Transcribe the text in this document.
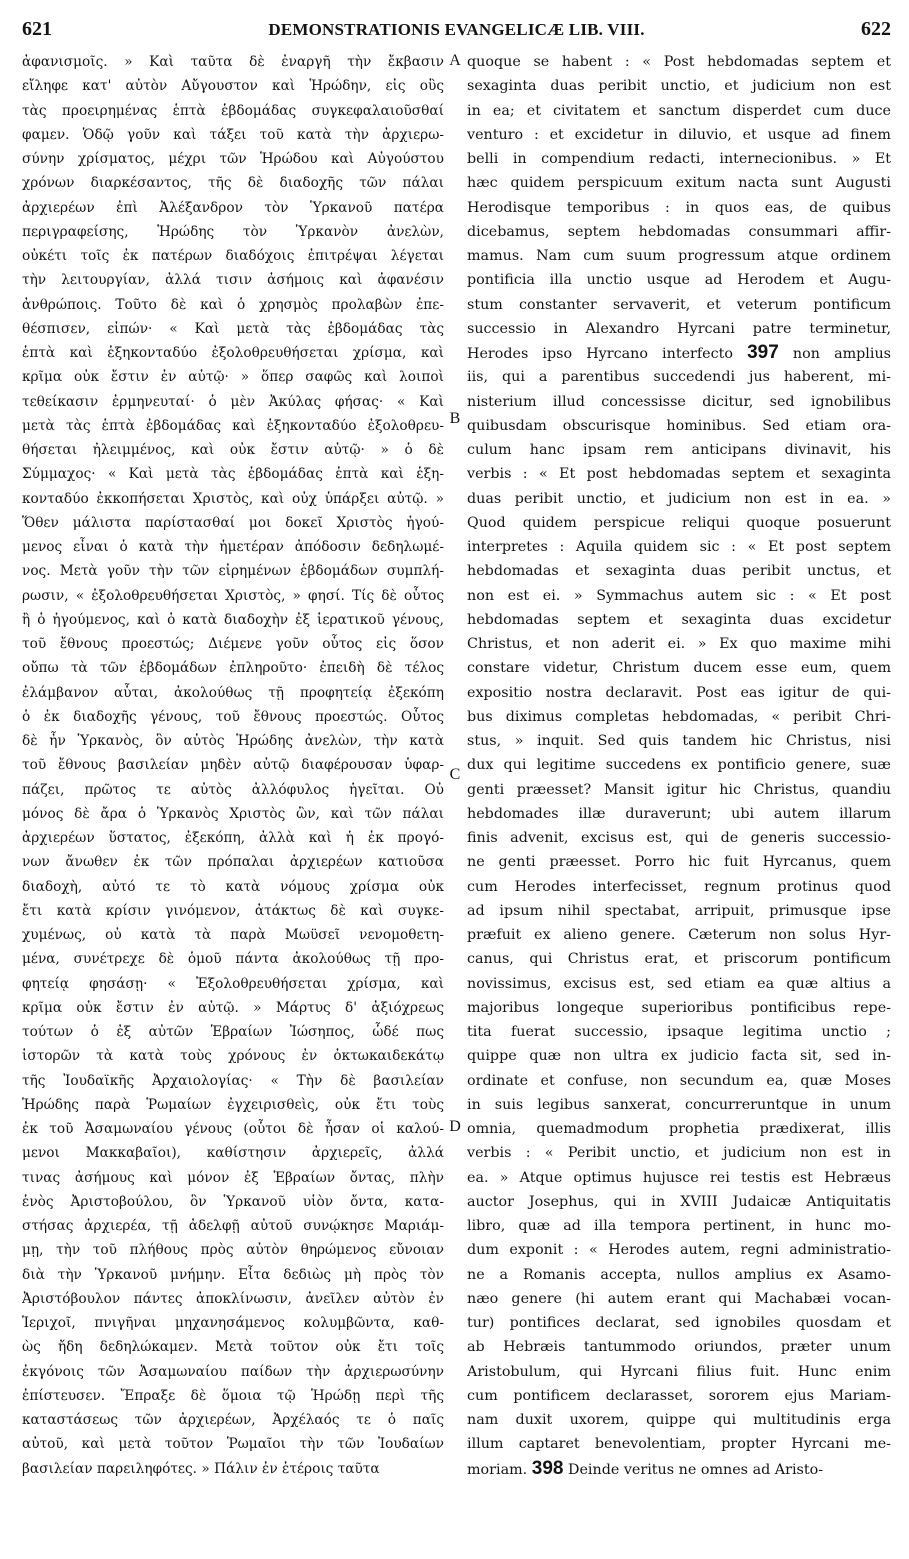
621	DEMONSTRATIONIS EVANGELICÆ LIB. VIII.	622
ἀφανισμοῖς. » Καὶ ταῦτα δὲ ἐναργῆ τὴν ἔκβασιν
εἴληφε κατ' αὐτὸν Αὔγουστον καὶ Ἡρώδην, εἰς οὓς
τὰς προειρημένας ἑπτὰ ἑβδομάδας συγκεφαλαιοῦσθαί
φαμεν. Ὁδῷ γοῦν καὶ τάξει τοῦ κατὰ τὴν ἀρχιερω-
σύνην χρίσματος, μέχρι τῶν Ἡρώδου καὶ Αὐγούστου
χρόνων διαρκέσαντος, τῆς δὲ διαδοχῆς τῶν πάλαι
ἀρχιερέων ἐπὶ Ἀλέξανδρον τὸν Ὑρκανοῦ πατέρα
περιγραφείσης, Ἡρώδης τὸν Ὑρκανὸν ἀνελὼν,
οὐκέτι τοῖς ἐκ πατέρων διαδόχοις ἐπιτρέψαι λέγεται
τὴν λειτουργίαν, ἀλλά τισιν ἀσήμοις καὶ ἀφανέσιν
ἀνθρώποις. Τοῦτο δὲ καὶ ὁ χρησμὸς προλαβὼν ἐπε-
θέσπισεν, εἰπών· « Καὶ μετὰ τὰς ἑβδομάδας τὰς
ἑπτὰ καὶ ἑξηκονταδύο ἐξολοθρευθήσεται χρίσμα, καὶ
κρῖμα οὐκ ἔστιν ἐν αὐτῷ· » ὅπερ σαφῶς καὶ λοιποὶ
τεθείκασιν ἑρμηνευταί· ὁ μὲν Ἀκύλας φήσας· « Καὶ
μετὰ τὰς ἑπτὰ ἑβδομάδας καὶ ἑξηκονταδύο ἐξολοθρευ-
θήσεται ἠλειμμένος, καὶ οὐκ ἔστιν αὐτῷ· » ὁ δὲ
Σύμμαχος· « Καὶ μετὰ τὰς ἑβδομάδας ἑπτὰ καὶ ἑξη-
κονταδύο ἐκκοπήσεται Χριστὸς, καὶ οὐχ ὑπάρξει αὐτῷ. »
Ὅθεν μάλιστα παρίστασθαί μοι δοκεῖ Χριστὸς ἡγού-
μενος εἶναι ὁ κατὰ τὴν ἡμετέραν ἀπόδοσιν δεδηλωμέ-
νος. Μετὰ γοῦν τὴν τῶν εἰρημένων ἑβδομάδων συμπλή-
ρωσιν, « ἐξολοθρευθήσεται Χριστὸς, » φησί. Τίς δὲ οὗτος
ἢ ὁ ἡγούμενος, καὶ ὁ κατὰ διαδοχὴν ἐξ ἱερατικοῦ γένους,
τοῦ ἔθνους προεστώς; Διέμενε γοῦν οὗτος εἰς ὅσον
οὔπω τὰ τῶν ἑβδομάδων ἐπληροῦτο· ἐπειδὴ δὲ τέλος
ἐλάμβανον αὗται, ἀκολούθως τῇ προφητείᾳ ἐξεκόπη
ὁ ἐκ διαδοχῆς γένους, τοῦ ἔθνους προεστώς. Οὗτος
δὲ ἦν Ὑρκανὸς, ὃν αὐτὸς Ἡρώδης ἀνελὼν, τὴν κατὰ
τοῦ ἔθνους βασιλείαν μηδὲν αὐτῷ διαφέρουσαν ὑφαρ-
πάζει, πρῶτος τε αὐτὸς ἀλλόφυλος ἡγεῖται. Οὐ
μόνος δὲ ἄρα ὁ Ὑρκανὸς Χριστὸς ὢν, καὶ τῶν πάλαι
ἀρχιερέων ὕστατος, ἐξεκόπη, ἀλλὰ καὶ ἡ ἐκ προγό-
νων ἄνωθεν ἐκ τῶν πρόπαλαι ἀρχιερέων κατιοῦσα
διαδοχὴ, αὐτό τε τὸ κατὰ νόμους χρίσμα οὐκ
ἔτι κατὰ κρίσιν γινόμενον, ἀτάκτως δὲ καὶ συγκε-
χυμένως, οὐ κατὰ τὰ παρὰ Μωϋσεῖ νενομοθετη-
μένα, συνέτρεχε δὲ ὁμοῦ πάντα ἀκολούθως τῇ προ-
φητείᾳ φησάσῃ· « Ἐξολοθρευθήσεται χρίσμα, καὶ
κρῖμα οὐκ ἔστιν ἐν αὐτῷ. » Μάρτυς δ' ἀξιόχρεως
τούτων ὁ ἐξ αὐτῶν Ἑβραίων Ἰώσηπος, ὧδέ πως
ἱστορῶν τὰ κατὰ τοὺς χρόνους ἐν ὀκτωκαιδεκάτῳ
τῆς Ἰουδαϊκῆς Ἀρχαιολογίας· « Τὴν δὲ βασιλείαν
Ἡρώδης παρὰ Ῥωμαίων ἐγχειρισθεὶς, οὐκ ἔτι τοὺς
ἐκ τοῦ Ἀσαμωναίου γένους (οὗτοι δὲ ἦσαν οἱ καλού-
μενοι Μακκαβαῖοι), καθίστησιν ἀρχιερεῖς, ἀλλά
τινας ἀσήμους καὶ μόνον ἐξ Ἑβραίων ὄντας, πλὴν
ἑνὸς Ἀριστοβούλου, ὃν Ὑρκανοῦ υἱὸν ὄντα, κατα-
στήσας ἀρχιερέα, τῇ ἀδελφῇ αὐτοῦ συνῴκησε Μαριάμ-
μῃ, τὴν τοῦ πλήθους πρὸς αὐτὸν θηρώμενος εὔνοιαν
διὰ τὴν Ὑρκανοῦ μνήμην. Εἶτα δεδιὼς μὴ πρὸς τὸν
Ἀριστόβουλον πάντες ἀποκλίνωσιν, ἀνεῖλεν αὐτὸν ἐν
Ἱεριχοῖ, πνιγῆναι μηχανησάμενος κολυμβῶντα, καθ-
ὼς ἤδη δεδηλώκαμεν. Μετὰ τοῦτον οὐκ ἔτι τοῖς
ἐκγόνοις τῶν Ἀσαμωναίου παίδων τὴν ἀρχιερωσύνην
ἐπίστευσεν. Ἔπραξε δὲ ὅμοια τῷ Ἡρώδῃ περὶ τῆς
καταστάσεως τῶν ἀρχιερέων, Ἀρχέλαός τε ὁ παῖς
αὐτοῦ, καὶ μετὰ τοῦτον Ῥωμαῖοι τὴν τῶν Ἰουδαίων
βασιλείαν παρειληφότες. » Πάλιν ἐν ἑτέροις ταῦτα
A
B
C
D
quoque se habent : « Post hebdomadas septem et
sexaginta duas peribit unctio, et judicium non est
in ea; et civitatem et sanctum disperdet cum duce
venturo : et excidetur in diluvio, et usque ad finem
belli in compendium redacti, internecionibus. » Et
hæc quidem perspicuum exitum nacta sunt Augusti
Herodisque temporibus : in quos eas, de quibus
dicebamus, septem hebdomadas consummari affir-
mamus. Nam cum suum progressum atque ordinem
pontificia illa unctio usque ad Herodem et Augu-
stum constanter servaverit, et veterum pontificum
successio in Alexandro Hyrcani patre terminetur,
Herodes ipso Hyrcano interfecto 397 non amplius
iis, qui a parentibus succedendi jus haberent, mi-
nisterium illud concessisse dicitur, sed ignobilibus
quibusdam obscurisque hominibus. Sed etiam ora-
culum hanc ipsam rem anticipans divinavit, his
verbis : « Et post hebdomadas septem et sexaginta
duas peribit unctio, et judicium non est in ea. »
Quod quidem perspicue reliqui quoque posuerunt
interpretes : Aquila quidem sic : « Et post septem
hebdomadas et sexaginta duas peribit unctus, et
non est ei. » Symmachus autem sic : « Et post
hebdomadas septem et sexaginta duas excidetur
Christus, et non aderit ei. » Ex quo maxime mihi
constare videtur, Christum ducem esse eum, quem
expositio nostra declaravit. Post eas igitur de qui-
bus diximus completas hebdomadas, « peribit Chri-
stus, » inquit. Sed quis tandem hic Christus, nisi
dux qui legitime succedens ex pontificio genere, suæ
genti præesset? Mansit igitur hic Christus, quandiu
hebdomades illæ duraverunt; ubi autem illarum
finis advenit, excisus est, qui de generis successio-
ne genti præesset. Porro hic fuit Hyrcanus, quem
cum Herodes interfecisset, regnum protinus quod
ad ipsum nihil spectabat, arripuit, primusque ipse
præfuit ex alieno genere. Cæterum non solus Hyr-
canus, qui Christus erat, et priscorum pontificum
novissimus, excisus est, sed etiam ea quæ altius a
majoribus longeque superioribus pontificibus repe-
tita fuerat successio, ipsaque legitima unctio ;
quippe quæ non ultra ex judicio facta sit, sed in-
ordinate et confuse, non secundum ea, quæ Moses
in suis legibus sanxerat, concurreruntque in unum
omnia, quemadmodum prophetia prædixerat, illis
verbis : « Peribit unctio, et judicium non est in
ea. » Atque optimus hujusce rei testis est Hebræus
auctor Josephus, qui in XVIII Judaicæ Antiquitatis
libro, quæ ad illa tempora pertinent, in hunc mo-
dum exponit : « Herodes autem, regni administratio-
ne a Romanis accepta, nullos amplius ex Asamo-
næo genere (hi autem erant qui Machabæi vocan-
tur) pontifices declarat, sed ignobiles quosdam et
ab Hebræis tantummodo oriundos, præter unum
Aristobulum, qui Hyrcani filius fuit. Hunc enim
cum pontificem declarasset, sororem ejus Mariam-
nam duxit uxorem, quippe qui multitudinis erga
illum captaret benevolentiam, propter Hyrcani me-
moriam. 398 Deinde veritus ne omnes ad Aristo-
